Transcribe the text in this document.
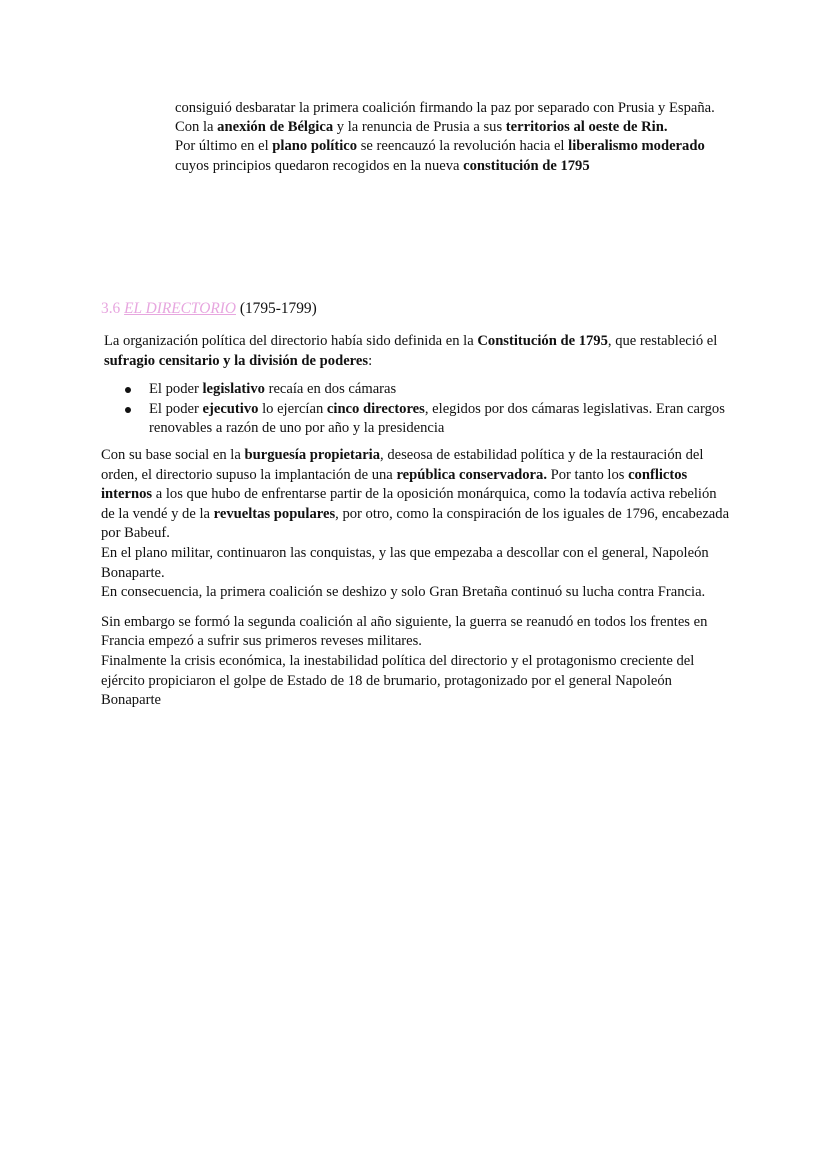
consiguió desbaratar la primera coalición firmando la paz por separado con Prusia y España. Con la anexión de Bélgica y la renuncia de Prusia a sus territorios al oeste de Rin.

Por último en el plano político se reencauzó la revolución hacia el liberalismo moderado cuyos principios quedaron recogidos en la nueva constitución de 1795

3.6 EL DIRECTORIO (1795-1799)

La organización política del directorio había sido definida en la Constitución de 1795, que restableció el sufragio censitario y la división de poderes:

El poder legislativo recaía en dos cámaras
El poder ejecutivo lo ejercían cinco directores, elegidos por dos cámaras legislativas. Eran cargos renovables a razón de uno por año y la presidencia

Con su base social en la burguesía propietaria, deseosa de estabilidad política y de la restauración del orden, el directorio supuso la implantación de una república conservadora. Por tanto los conflictos internos a los que hubo de enfrentarse partir de la oposición monárquica, como la todavía activa rebelión de la vendé y de la revueltas populares, por otro, como la conspiración de los iguales de 1796, encabezada por Babeuf.

En el plano militar, continuaron las conquistas, y las que empezaba a descollar con el general, Napoleón Bonaparte.

En consecuencia, la primera coalición se deshizo y solo Gran Bretaña continuó su lucha contra Francia.

Sin embargo se formó la segunda coalición al año siguiente, la guerra se reanudó en todos los frentes en Francia empezó a sufrir sus primeros reveses militares.

Finalmente la crisis económica, la inestabilidad política del directorio y el protagonismo creciente del ejército propiciaron el golpe de Estado de 18 de brumario, protagonizado por el general Napoleón Bonaparte
